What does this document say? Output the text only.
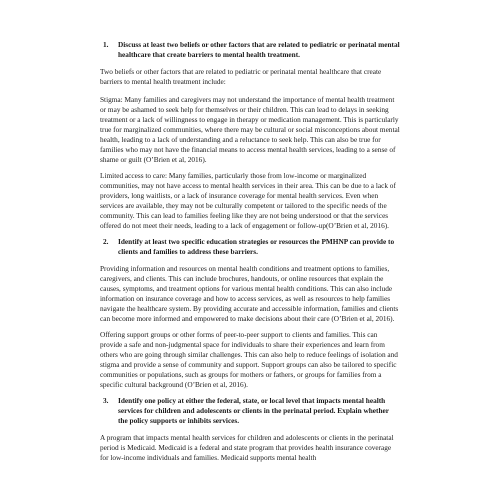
1.	Discuss at least two beliefs or other factors that are related to pediatric or perinatal mental healthcare that create barriers to mental health treatment.

Two beliefs or other factors that are related to pediatric or perinatal mental healthcare that create barriers to mental health treatment include:

Stigma: Many families and caregivers may not understand the importance of mental health treatment or may be ashamed to seek help for themselves or their children. This can lead to delays in seeking treatment or a lack of willingness to engage in therapy or medication management. This is particularly true for marginalized communities, where there may be cultural or social misconceptions about mental health, leading to a lack of understanding and a reluctance to seek help. This can also be true for families who may not have the financial means to access mental health services, leading to a sense of shame or guilt (O’Brien et al, 2016).

Limited access to care: Many families, particularly those from low-income or marginalized communities, may not have access to mental health services in their area. This can be due to a lack of providers, long waitlists, or a lack of insurance coverage for mental health services. Even when services are available, they may not be culturally competent or tailored to the specific needs of the community. This can lead to families feeling like they are not being understood or that the services offered do not meet their needs, leading to a lack of engagement or follow-up(O’Brien et al, 2016).

2.	Identify at least two specific education strategies or resources the PMHNP can provide to clients and families to address these barriers.

Providing information and resources on mental health conditions and treatment options to families, caregivers, and clients. This can include brochures, handouts, or online resources that explain the causes, symptoms, and treatment options for various mental health conditions. This can also include information on insurance coverage and how to access services, as well as resources to help families navigate the healthcare system. By providing accurate and accessible information, families and clients can become more informed and empowered to make decisions about their care (O’Brien et al, 2016).

Offering support groups or other forms of peer-to-peer support to clients and families. This can provide a safe and non-judgmental space for individuals to share their experiences and learn from others who are going through similar challenges. This can also help to reduce feelings of isolation and stigma and provide a sense of community and support. Support groups can also be tailored to specific communities or populations, such as groups for mothers or fathers, or groups for families from a specific cultural background (O’Brien et al, 2016).

3.	Identify one policy at either the federal, state, or local level that impacts mental health services for children and adolescents or clients in the perinatal period. Explain whether the policy supports or inhibits services.

A program that impacts mental health services for children and adolescents or clients in the perinatal period is Medicaid. Medicaid is a federal and state program that provides health insurance coverage for low-income individuals and families. Medicaid supports mental health
